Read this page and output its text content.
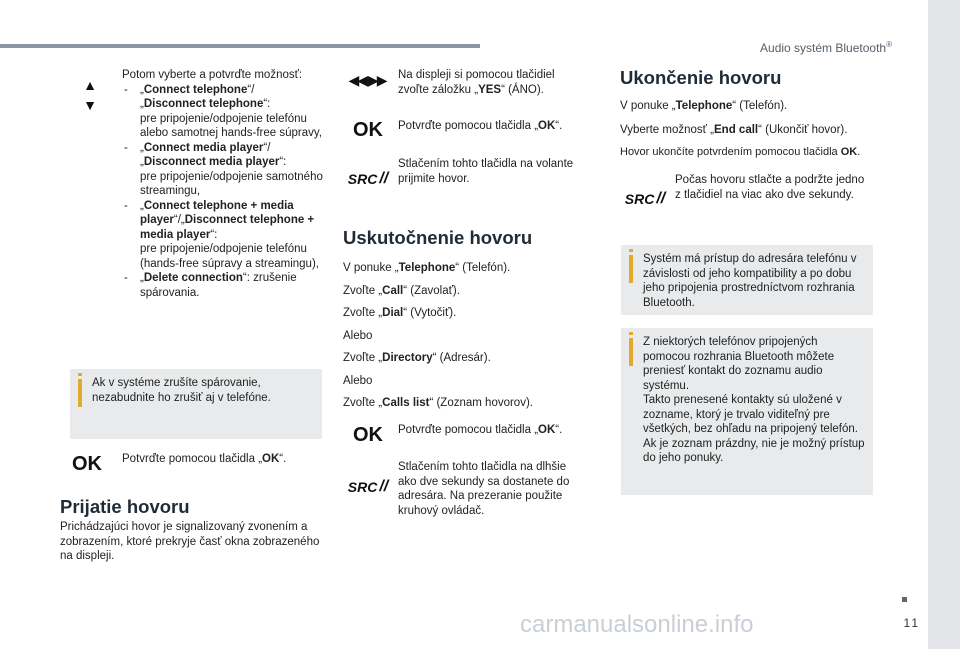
Audio systém Bluetooth®
▲
▼
Potom vyberte a potvrďte možnosť:
- „Connect telephone“/
„Disconnect telephone“:
pre pripojenie/odpojenie telefónu alebo samotnej hands-free súpravy,
- „Connect media player“/
„Disconnect media player“:
pre pripojenie/odpojenie samotného streamingu,
- „Connect telephone + media player“/„Disconnect telephone + media player“:
pre pripojenie/odpojenie telefónu (hands-free súpravy a streamingu),
- „Delete connection“: zrušenie spárovania.
Ak v systéme zrušíte spárovanie, nezabudnite ho zrušiť aj v telefóne.
OK	Potvrďte pomocou tlačidla „OK“.
Prijatie hovoru
Prichádzajúci hovor je signalizovaný zvonením a zobrazením, ktoré prekryje časť okna zobrazeného na displeji.
◀◀ ▶▶	Na displeji si pomocou tlačidiel zvoľte záložku „YES“ (ÁNO).
OK	Potvrďte pomocou tlačidla „OK“.
SRC //
Stlačením tohto tlačidla na volante prijmite hovor.
Uskutočnenie hovoru
V ponuke „Telephone“ (Telefón).
Zvoľte „Call“ (Zavolať).
Zvoľte „Dial“ (Vytočiť).
Alebo
Zvoľte „Directory“ (Adresár).
Alebo
Zvoľte „Calls list“ (Zoznam hovorov).
OK	Potvrďte pomocou tlačidla „OK“.
SRC //
Stlačením tohto tlačidla na dlhšie ako dve sekundy sa dostanete do adresára. Na prezeranie použite kruhový ovládač.
Ukončenie hovoru
V ponuke „Telephone“ (Telefón).
Vyberte možnosť „End call“ (Ukončiť hovor).
Hovor ukončíte potvrdením pomocou tlačidla OK.
SRC //
Počas hovoru stlačte a podržte jedno z tlačidiel na viac ako dve sekundy.
Systém má prístup do adresára telefónu v závislosti od jeho kompatibility a po dobu jeho pripojenia prostredníctvom rozhrania Bluetooth.
Z niektorých telefónov pripojených pomocou rozhrania Bluetooth môžete preniesť kontakt do zoznamu audio systému.
Takto prenesené kontakty sú uložené v zozname, ktorý je trvalo viditeľný pre všetkých, bez ohľadu na pripojený telefón.
Ak je zoznam prázdny, nie je možný prístup do jeho ponuky.
11
carmanualsonline.info
